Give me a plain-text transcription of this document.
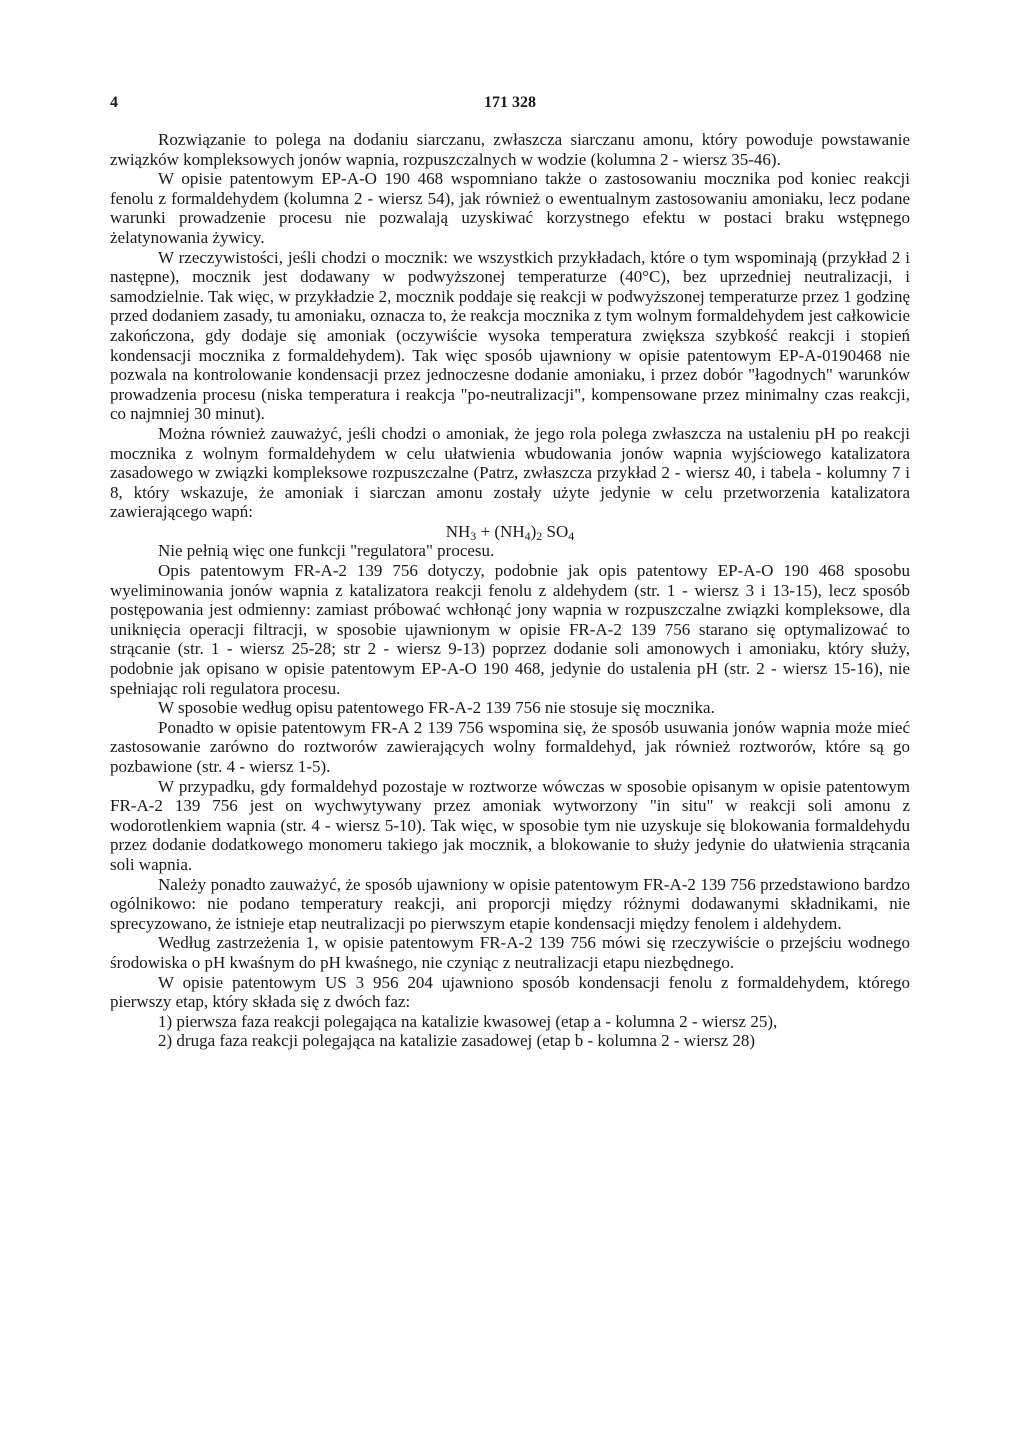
4	171 328

Rozwiązanie to polega na dodaniu siarczanu, zwłaszcza siarczanu amonu, który powoduje powstawanie związków kompleksowych jonów wapnia, rozpuszczalnych w wodzie (kolumna 2 - wiersz 35-46).

W opisie patentowym EP-A-O 190 468 wspomniano także o zastosowaniu mocznika pod koniec reakcji fenolu z formaldehydem (kolumna 2 - wiersz 54), jak również o ewentualnym zastosowaniu amoniaku, lecz podane warunki prowadzenie procesu nie pozwalają uzyskiwać korzystnego efektu w postaci braku wstępnego żelatynowania żywicy.

W rzeczywistości, jeśli chodzi o mocznik: we wszystkich przykładach, które o tym wspominają (przykład 2 i następne), mocznik jest dodawany w podwyższonej temperaturze (40°C), bez uprzedniej neutralizacji, i samodzielnie. Tak więc, w przykładzie 2, mocznik poddaje się reakcji w podwyższonej temperaturze przez 1 godzinę przed dodaniem zasady, tu amoniaku, oznacza to, że reakcja mocznika z tym wolnym formaldehydem jest całkowicie zakończona, gdy dodaje się amoniak (oczywiście wysoka temperatura zwiększa szybkość reakcji i stopień kondensacji mocznika z formaldehydem). Tak więc sposób ujawniony w opisie patentowym EP-A-0190468 nie pozwala na kontrolowanie kondensacji przez jednoczesne dodanie amoniaku, i przez dobór "łagodnych" warunków prowadzenia procesu (niska temperatura i reakcja "po-neutralizacji", kompensowane przez minimalny czas reakcji, co najmniej 30 minut).

Można również zauważyć, jeśli chodzi o amoniak, że jego rola polega zwłaszcza na ustaleniu pH po reakcji mocznika z wolnym formaldehydem w celu ułatwienia wbudowania jonów wapnia wyjściowego katalizatora zasadowego w związki kompleksowe rozpuszczalne (Patrz, zwłaszcza przykład 2 - wiersz 40, i tabela - kolumny 7 i 8, który wskazuje, że amoniak i siarczan amonu zostały użyte jedynie w celu przetworzenia katalizatora zawierającego wapń:

$NH_3 + (NH_4)_2$ $SO_4$

Nie pełnią więc one funkcji "regulatora" procesu.

Opis patentowym FR-A-2 139 756 dotyczy, podobnie jak opis patentowy EP-A-O 190 468 sposobu wyeliminowania jonów wapnia z katalizatora reakcji fenolu z aldehydem (str. 1 - wiersz 3 i 13-15), lecz sposób postępowania jest odmienny: zamiast próbować wchłonąć jony wapnia w rozpuszczalne związki kompleksowe, dla uniknięcia operacji filtracji, w sposobie ujawnionym w opisie FR-A-2 139 756 starano się optymalizować to strącanie (str. 1 - wiersz 25-28; str 2 - wiersz 9-13) poprzez dodanie soli amonowych i amoniaku, który służy, podobnie jak opisano w opisie patentowym EP-A-O 190 468, jedynie do ustalenia pH (str. 2 - wiersz 15-16), nie spełniając roli regulatora procesu.

W sposobie według opisu patentowego FR-A-2 139 756 nie stosuje się mocznika.

Ponadto w opisie patentowym FR-A 2 139 756 wspomina się, że sposób usuwania jonów wapnia może mieć zastosowanie zarówno do roztworów zawierających wolny formaldehyd, jak również roztworów, które są go pozbawione (str. 4 - wiersz 1-5).

W przypadku, gdy formaldehyd pozostaje w roztworze wówczas w sposobie opisanym w opisie patentowym FR-A-2 139 756 jest on wychwytywany przez amoniak wytworzony "in situ" w reakcji soli amonu z wodorotlenkiem wapnia (str. 4 - wiersz 5-10). Tak więc, w sposobie tym nie uzyskuje się blokowania formaldehydu przez dodanie dodatkowego monomeru takiego jak mocznik, a blokowanie to służy jedynie do ułatwienia strącania soli wapnia.

Należy ponadto zauważyć, że sposób ujawniony w opisie patentowym FR-A-2 139 756 przedstawiono bardzo ogólnikowo: nie podano temperatury reakcji, ani proporcji między różnymi dodawanymi składnikami, nie sprecyzowano, że istnieje etap neutralizacji po pierwszym etapie kondensacji między fenolem i aldehydem.

Według zastrzeżenia 1, w opisie patentowym FR-A-2 139 756 mówi się rzeczywiście o przejściu wodnego środowiska o pH kwaśnym do pH kwaśnego, nie czyniąc z neutralizacji etapu niezbędnego.

W opisie patentowym US 3 956 204 ujawniono sposób kondensacji fenolu z formaldehydem, którego pierwszy etap, który składa się z dwóch faz:

1) pierwsza faza reakcji polegająca na katalizie kwasowej (etap a - kolumna 2 - wiersz 25),

2) druga faza reakcji polegająca na katalizie zasadowej (etap b - kolumna 2 - wiersz 28)
